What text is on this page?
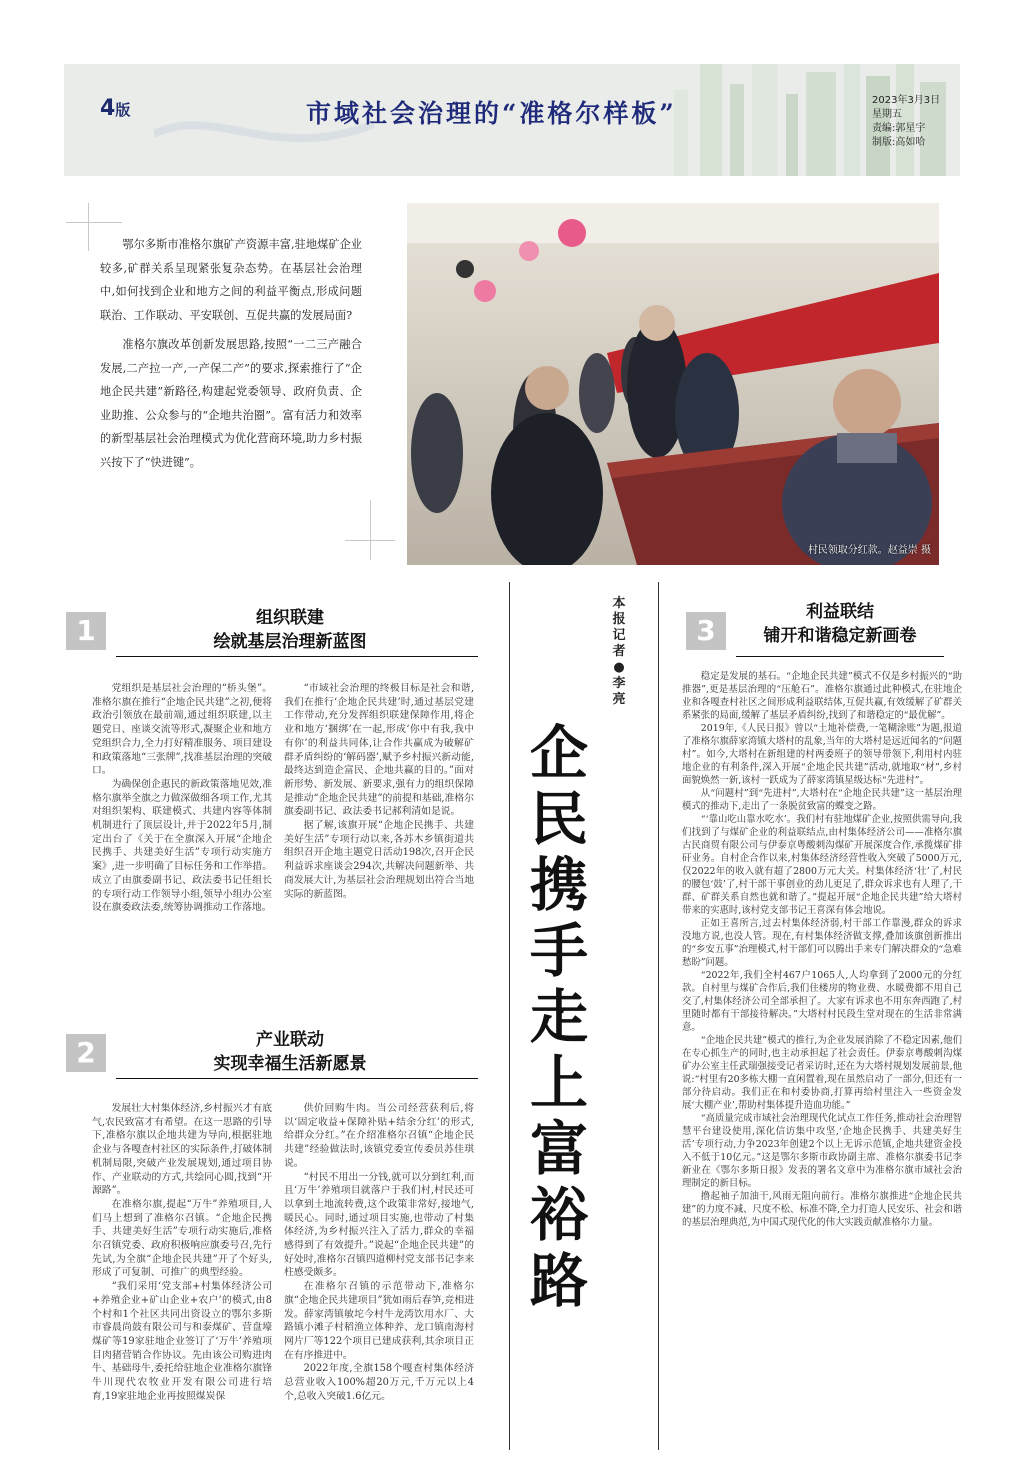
4版	市域社会治理的“准格尔样板”	2023年3月3日
星期五
责编:郭星宇
制版:高如哈

鄂尔多斯市准格尔旗矿产资源丰富,驻地煤矿企业较多,矿群关系呈现紧张复杂态势。在基层社会治理中,如何找到企业和地方之间的利益平衡点,形成问题联治、工作联动、平安联创、互促共赢的发展局面?

准格尔旗改革创新发展思路,按照“一二三产融合发展,二产拉一产,一产保二产”的要求,探索推行了“企地企民共建”新路径,构建起党委领导、政府负责、企业助推、公众参与的“企地共治圈”。富有活力和效率的新型基层社会治理模式为优化营商环境,助力乡村振兴按下了“快进键”。

村民领取分红款。赵益崇 摄
企民携手走上富裕路
本报记者●李亮
1	组织联建
绘就基层治理新蓝图

党组织是基层社会治理的“桥头堡”。准格尔旗在推行“企地企民共建”之初,便将政治引领放在最前端,通过组织联建,以主题党日、座谈交流等形式,凝聚企业和地方党组织合力,全力打好精准服务、项目建设和政策落地“三张牌”,找准基层治理的突破口。

为确保创企惠民的新政策落地见效,准格尔旗举全旗之力做深做细各项工作,尤其对组织架构、联建模式、共建内容等体制机制进行了顶层设计,并于2022年5月,制定出台了《关于在全旗深入开展“企地企民携手、共建美好生活”专项行动实施方案》,进一步明确了目标任务和工作举措。成立了由旗委副书记、政法委书记任组长的专项行动工作领导小组,领导小组办公室设在旗委政法委,统筹协调推动工作落地。

“市域社会治理的终极目标是社会和谐,我们在推行‘企地企民共建’时,通过基层党建工作带动,充分发挥组织联建保障作用,将企业和地方‘捆绑’在一起,形成‘你中有我,我中有你’的利益共同体,让合作共赢成为破解矿群矛盾纠纷的‘解码器’,赋予乡村振兴新动能,最终达到造企富民、企地共赢的目的。”面对新形势、新发展、新要求,强有力的组织保障是推动“企地企民共建”的前提和基础,准格尔旗委副书记、政法委书记郝利清如是说。

据了解,该旗开展“企地企民携手、共建美好生活”专项行动以来,各苏木乡镇街道共组织召开企地主题党日活动198次,召开企民利益诉求座谈会294次,共解决问题新举、共商发展大计,为基层社会治理规划出符合当地实际的新蓝图。

2	产业联动
实现幸福生活新愿景

发展壮大村集体经济,乡村振兴才有底气,农民致富才有希望。在这一思路的引导下,准格尔旗以企地共建为导向,根据驻地企业与各嘎查村社区的实际条件,打破体制机制局限,突破产业发展规划,通过项目协作、产业联动的方式,共绘同心圆,找到“开源路”。

在准格尔旗,提起“万牛”养殖项目,人们马上想到了准格尔召镇。“企地企民携手、共建美好生活”专项行动实施后,准格尔召镇党委、政府积极响应旗委号召,先行先试,为全旗“企地企民共建”开了个好头,形成了可复制、可推广的典型经验。

“我们采用‘党支部+村集体经济公司+养殖企业+矿山企业+农户’的模式,由8个村和1个社区共同出资设立的鄂尔多斯市睿晨尚鼓有限公司与和泰煤矿、营盘壕煤矿等19家驻地企业签订了‘万牛’养殖项目肉猪营销合作协议。先由该公司购进肉牛、基础母牛,委托给驻地企业准格尔旗锋牛川现代农牧业开发有限公司进行培育,19家驻地企业再按照煤炭保

供价回购牛肉。当公司经营获利后,将以‘固定收益+保障补贴+结余分红’的形式,给群众分红。”在介绍准格尔召镇“企地企民共建”经验做法时,该镇党委宣传委员苏佳琪说。

“村民不用出一分钱,就可以分到红利,而且‘万牛’养殖项目就落户于我们村,村民还可以拿到土地流转费,这个政策非常好,接地气,暖民心。同时,通过项目实施,也带动了村集体经济,为乡村振兴注入了活力,群众的幸福感得到了有效提升。”说起“企地企民共建”的好处时,准格尔召镇四道柳村党支部书记李来柱感受颇多。

在准格尔召镇的示范带动下,准格尔旗“企地企民共建项目”犹如雨后春笋,竞相进发。薛家湾镇敏坨今村牛龙湾饮用水厂、大路镇小滩子村稻渔立体种养、龙口镇南海村网片厂等122个项目已建成获利,其余项目正在有序推进中。

2022年度,全旗158个嘎查村集体经济总营业收入100%超20万元,千万元以上4个,总收入突破1.6亿元。

3
利益联结
铺开和谐稳定新画卷

稳定是发展的基石。“企地企民共建”模式不仅是乡村振兴的“助推器”,更是基层治理的“压舱石”。准格尔旗通过此种模式,在驻地企业和各嘎查村社区之间形成利益联结体,互促共赢,有效缓解了矿群关系紧张的局面,缓解了基层矛盾纠纷,找到了和谐稳定的“最优解”。

2019年,《人民日报》曾以“土地补偿费,一笔糊涂账”为题,报道了准格尔旗薛家湾镇大塔村的乱象,当年的大塔村是远近闻名的“问题村”。如今,大塔村在新组建的村两委班子的领导带领下,利用村内驻地企业的有利条件,深入开展“企地企民共建”活动,就地取“材”,乡村面貌焕然一新,该村一跃成为了薛家湾镇星级达标“先进村”。

从“问题村”到“先进村”,大塔村在“企地企民共建”这一基层治理模式的推动下,走出了一条脱贫致富的蝶变之路。

“‘靠山吃山靠水吃水’。我们村有驻地煤矿企业,按照供需导向,我们找到了与煤矿企业的利益联结点,由村集体经济公司——准格尔旗古民商贸有限公司与伊泰京粤酸刺沟煤矿开展深度合作,承揽煤矿排矸业务。自村企合作以来,村集体经济经营性收入突破了5000万元,仅2022年的收入就有超了2800万元大关。村集体经济‘壮’了,村民的腰包‘鼓’了,村干部干事创业的劲儿更足了,群众诉求也有人理了,干群、矿群关系自然也就和谐了。”提起开展“企地企民共建”给大塔村带来的实惠时,该村党支部书记王喜深有体会地说。

正如王喜所言,过去村集体经济弱,村干部工作靠漫,群众的诉求没地方说,也没人管。现在,有村集体经济做支撑,叠加该旗创新推出的“乡安五事”治理模式,村干部们可以腾出手来专门解决群众的“急难愁盼”问题。

“2022年,我们全村467户1065人,人均拿到了2000元的分红款。自村里与煤矿合作后,我们住楼房的物业费、水暖费都不用自己交了,村集体经济公司全部承担了。大家有诉求也不用东奔西跑了,村里随时都有干部接待解决。”大塔村村民段生堂对现在的生活非常满意。

“企地企民共建”模式的推行,为企业发展消除了不稳定因素,他们在专心抓生产的同时,也主动承担起了社会责任。伊泰京粤酸刺沟煤矿办公室主任武瑞强接受记者采访时,还在为大塔村规划发展前景,他说:“村里有20多栋大棚一直闲置着,现在虽然启动了一部分,但还有一部分待启动。我们正在和村委协商,打算再给村里注入一些资金发展‘大棚产业’,帮助村集体提升造血功能。”

“高质量完成市域社会治理现代化试点工作任务,推动社会治理智慧平台建设使用,深化信访集中攻坚,‘企地企民携手、共建美好生活’专项行动,力争2023年创建2个以上无诉示范镇,企地共建资金投入不低于10亿元。”这是鄂尔多斯市政协副主席、准格尔旗委书记李新业在《鄂尔多斯日报》发表的署名文章中为准格尔旗市域社会治理制定的新目标。

撸起袖子加油干,风雨无阻向前行。准格尔旗推进“企地企民共建”的力度不减、尺度不松、标准不降,全力打造人民安乐、社会和谐的基层治理典范,为中国式现代化的伟大实践贡献准格尔力量。
